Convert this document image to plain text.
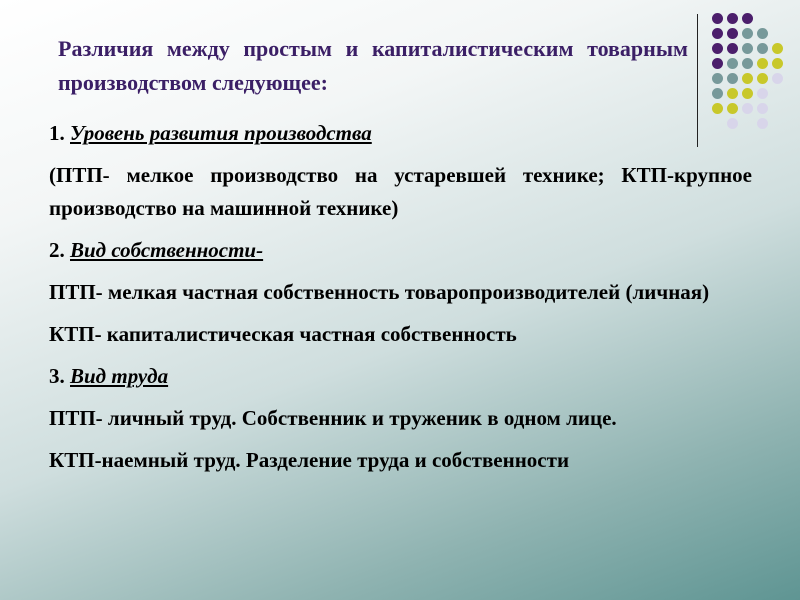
Различия между простым и капиталистическим товарным производством следующее:

1. Уровень развития производства

(ПТП- мелкое производство на устаревшей технике; КТП-крупное производство на машинной технике)

2. Вид собственности-

ПТП- мелкая частная собственность товаропроизводителей (личная)

КТП- капиталистическая частная собственность

3. Вид труда

ПТП- личный труд. Собственник и труженик в одном лице.

КТП-наемный труд. Разделение труда и собственности
